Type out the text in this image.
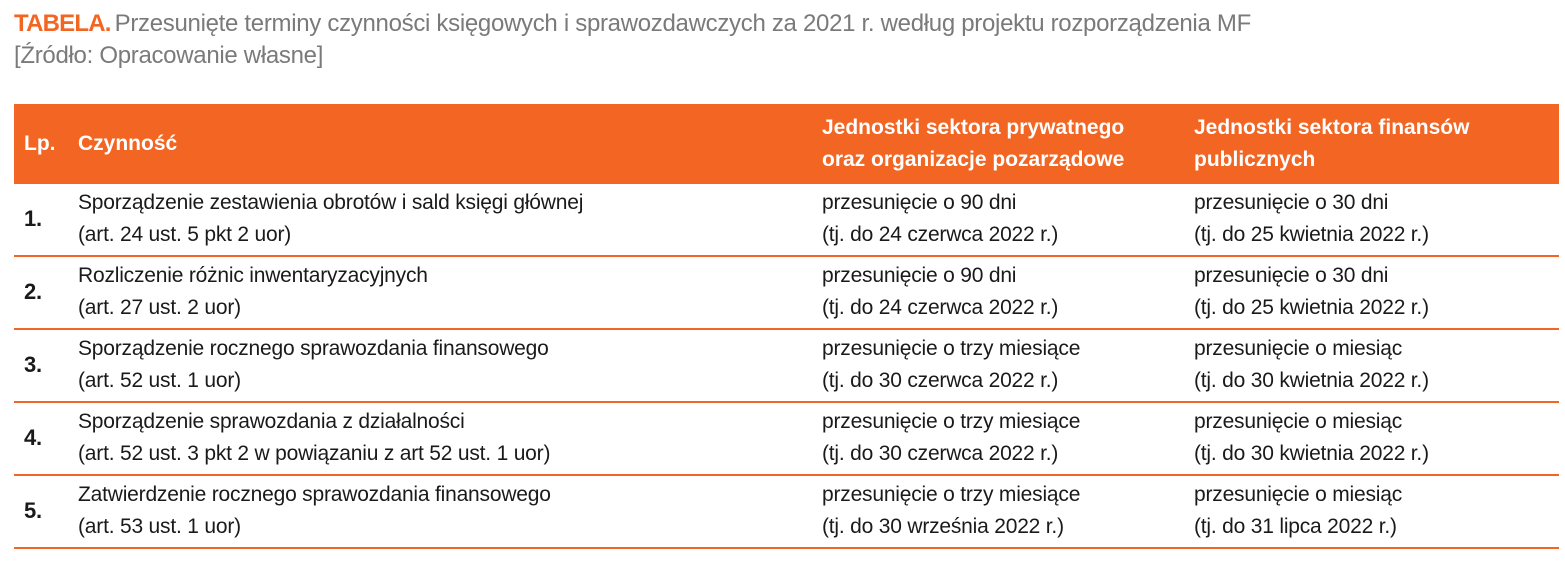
TABELA. Przesunięte terminy czynności księgowych i sprawozdawczych za 2021 r. według projektu rozporządzenia MF
[Źródło: Opracowanie własne]
Lp. Czynność
Jednostki sektora prywatnego
oraz organizacje pozarządowe
Jednostki sektora finansów
publicznych
1.
Sporządzenie zestawienia obrotów i sald księgi głównej
(art. 24 ust. 5 pkt 2 uor)
przesunięcie o 90 dni
(tj. do 24 czerwca 2022 r.)
przesunięcie o 30 dni
(tj. do 25 kwietnia 2022 r.)
2.
Rozliczenie różnic inwentaryzacyjnych
(art. 27 ust. 2 uor)
przesunięcie o 90 dni
(tj. do 24 czerwca 2022 r.)
przesunięcie o 30 dni
(tj. do 25 kwietnia 2022 r.)
3.
Sporządzenie rocznego sprawozdania finansowego
(art. 52 ust. 1 uor)
przesunięcie o trzy miesiące
(tj. do 30 czerwca 2022 r.)
przesunięcie o miesiąc
(tj. do 30 kwietnia 2022 r.)
4.
Sporządzenie sprawozdania z działalności
(art. 52 ust. 3 pkt 2 w powiązaniu z art 52 ust. 1 uor)
przesunięcie o trzy miesiące
(tj. do 30 czerwca 2022 r.)
przesunięcie o miesiąc
(tj. do 30 kwietnia 2022 r.)
5.
Zatwierdzenie rocznego sprawozdania finansowego
(art. 53 ust. 1 uor)
przesunięcie o trzy miesiące
(tj. do 30 września 2022 r.)
przesunięcie o miesiąc
(tj. do 31 lipca 2022 r.)
